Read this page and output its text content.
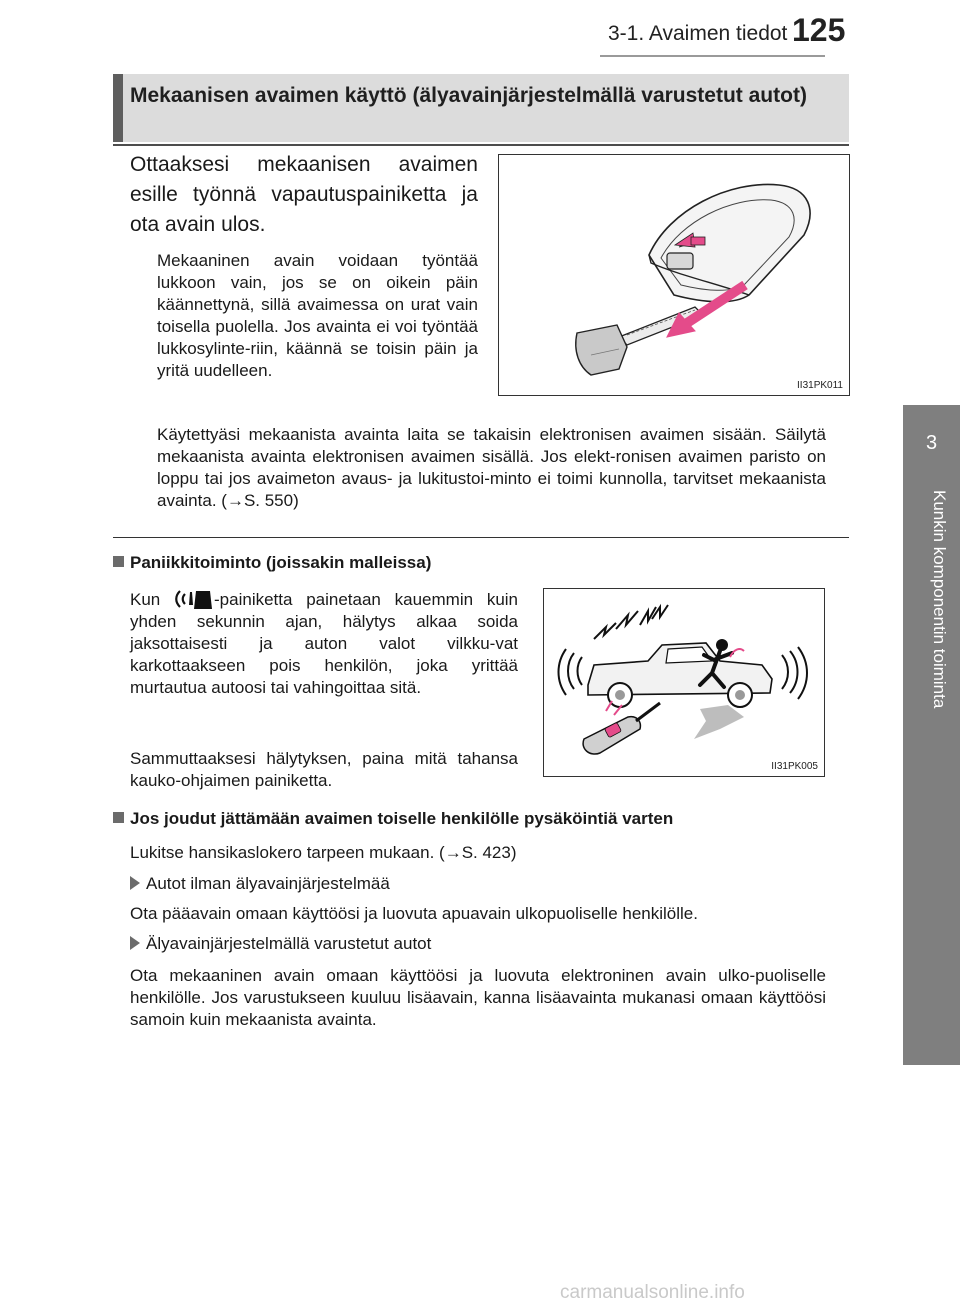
3-1. Avaimen tiedot 125
3
Kunkin komponentin toiminta
Mekaanisen avaimen käyttö (älyavainjärjestelmällä varustetut autot)
Ottaaksesi mekaanisen avaimen esille työnnä vapautuspainiketta ja ota avain ulos.
Mekaaninen avain voidaan työntää lukkoon vain, jos se on oikein päin käännettynä, sillä avaimessa on urat vain toisella puolella. Jos avainta ei voi työntää lukkosylinte-riin, käännä se toisin päin ja yritä uudelleen.
II31PK011
Käytettyäsi mekaanista avainta laita se takaisin elektronisen avaimen sisään. Säilytä mekaanista avainta elektronisen avaimen sisällä. Jos elekt-ronisen avaimen paristo on loppu tai jos avaimeton avaus- ja lukitustoi-minto ei toimi kunnolla, tarvitset mekaanista avainta. (→S. 550)
Paniikkitoiminto (joissakin malleissa)
Kun	-painiketta painetaan kauemmin kuin yhden sekunnin ajan, hälytys alkaa soida jaksottaisesti ja auton valot vilkku-vat karkottaakseen pois henkilön, joka yrittää murtautua autoosi tai vahingoittaa sitä.
Sammuttaaksesi hälytyksen, paina mitä tahansa kauko-ohjaimen painiketta.
II31PK005
Jos joudut jättämään avaimen toiselle henkilölle pysäköintiä varten
Lukitse hansikaslokero tarpeen mukaan. (→S. 423)
Autot ilman älyavainjärjestelmää
Ota pääavain omaan käyttöösi ja luovuta apuavain ulkopuoliselle henkilölle.
Älyavainjärjestelmällä varustetut autot
Ota mekaaninen avain omaan käyttöösi ja luovuta elektroninen avain ulko-puoliselle henkilölle. Jos varustukseen kuuluu lisäavain, kanna lisäavainta mukanasi omaan käyttöösi samoin kuin mekaanista avainta.
carmanualsonline.info
